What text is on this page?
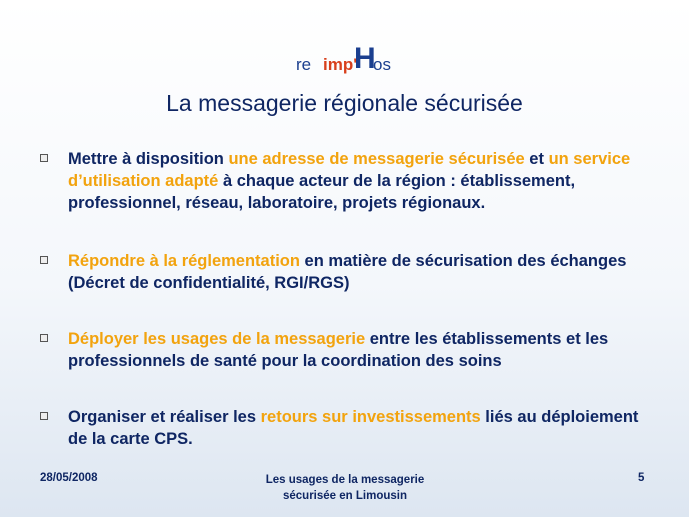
re imp'
H
os
La messagerie régionale sécurisée
Mettre à disposition une adresse de messagerie sécurisée et un service d’utilisation adapté à chaque acteur de la région : établissement, professionnel, réseau, laboratoire, projets régionaux.
Répondre à la réglementation en matière de sécurisation des échanges (Décret de confidentialité, RGI/RGS)
Déployer les usages de la messagerie entre les établissements et les professionnels de santé pour la coordination des soins
Organiser et réaliser les retours sur investissements liés au déploiement de la carte CPS.
28/05/2008	Les usages de la messagerie
sécurisée en Limousin
5
